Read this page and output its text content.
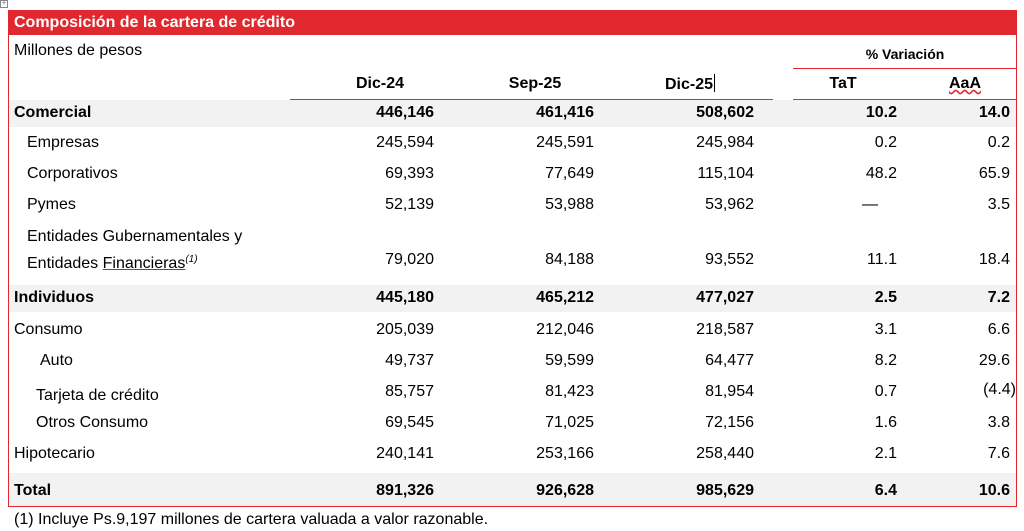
+
Composición de la cartera de crédito
Millones de pesos	% Variación
Dic-24	Sep-25	Dic-25	TaT	AaA
Comercial	446,146	461,416	508,602	10.2	14.0
Empresas	245,594	245,591	245,984	0.2	0.2
Corporativos	69,393	77,649	115,104	48.2	65.9
Pymes	52,139	53,988	53,962	—	3.5
Entidades Gubernamentales y
Entidades Financieras$^{(1)}$	79,020	84,188	93,552	11.1	18.4
Individuos	445,180	465,212	477,027	2.5	7.2
Consumo	205,039	212,046	218,587	3.1	6.6
Auto	49,737	59,599	64,477	8.2	29.6
Tarjeta de crédito	85,757	81,423	81,954	0.7	(4.4)
Otros Consumo	69,545	71,025	72,156	1.6	3.8
Hipotecario	240,141	253,166	258,440	2.1	7.6
Total	891,326	926,628	985,629	6.4	10.6
(1) Incluye Ps.9,197 millones de cartera valuada a valor razonable.
